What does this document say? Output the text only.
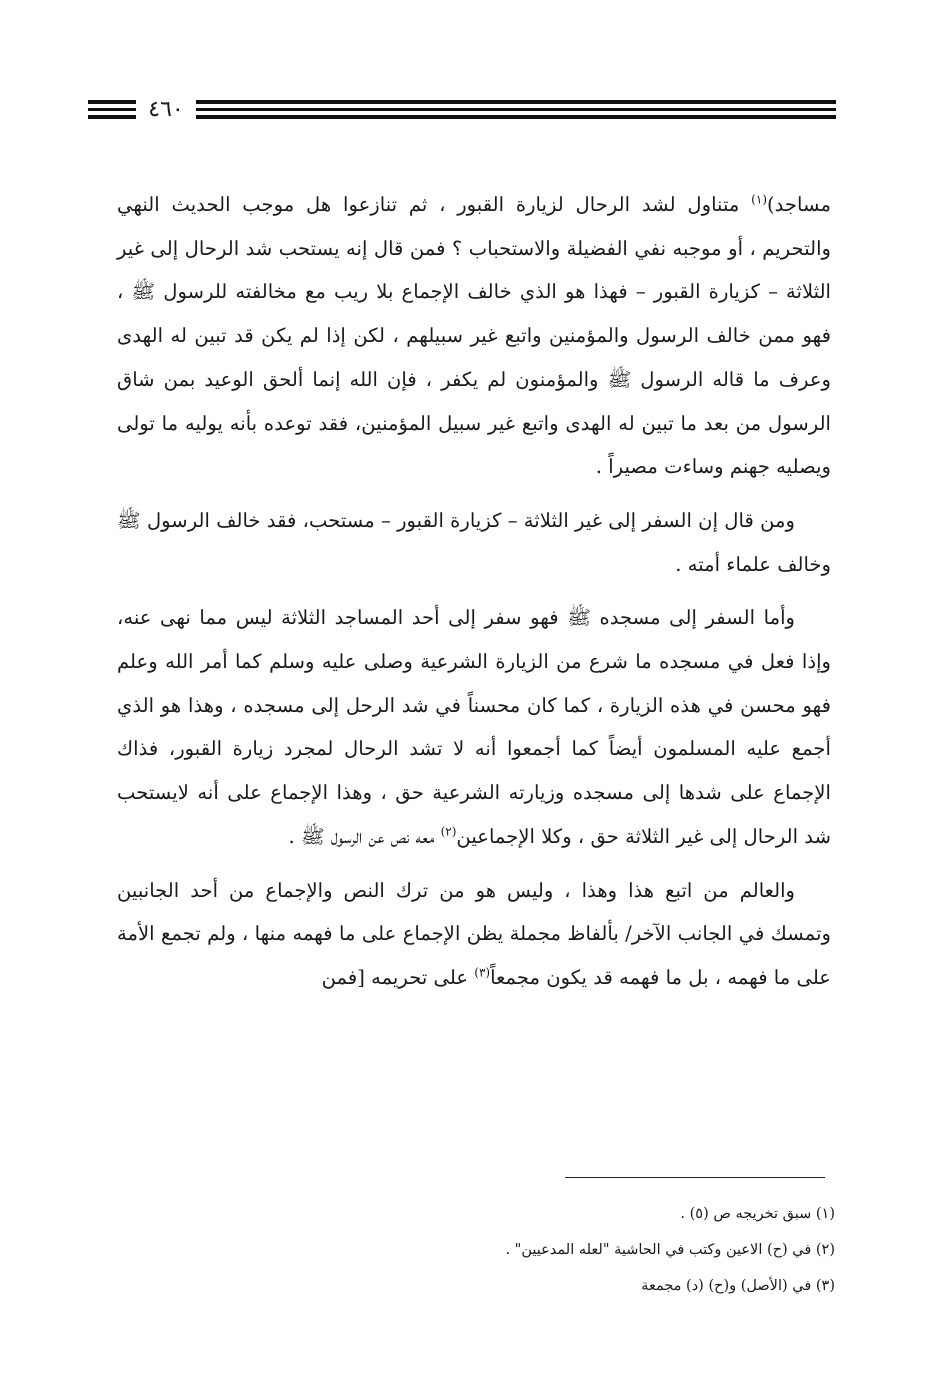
٤٦٠

مساجد)$^{(١)}$ متناول لشد الرحال لزيارة القبور ، ثم تنازعوا هل موجب الحديث النهي والتحريم ، أو موجبه نفي الفضيلة والاستحباب ؟ فمن قال إنه يستحب شد الرحال إلى غير الثلاثة – كزيارة القبور – فهذا هو الذي خالف الإجماع بلا ريب مع مخالفته للرسول ﷺ ، فهو ممن خالف الرسول والمؤمنين واتبع غير سبيلهم ، لكن إذا لم يكن قد تبين له الهدى وعرف ما قاله الرسول ﷺ والمؤمنون لم يكفر ، فإن الله إنما ألحق الوعيد بمن شاق الرسول من بعد ما تبين له الهدى واتبع غير سبيل المؤمنين، فقد توعده بأنه يوليه ما تولى ويصليه جهنم وساءت مصيراً .

ومن قال إن السفر إلى غير الثلاثة – كزيارة القبور – مستحب، فقد خالف الرسول ﷺ وخالف علماء أمته .

وأما السفر إلى مسجده ﷺ فهو سفر إلى أحد المساجد الثلاثة ليس مما نهى عنه، وإذا فعل في مسجده ما شرع من الزيارة الشرعية وصلى عليه وسلم كما أمر الله وعلم فهو محسن في هذه الزيارة ، كما كان محسناً في شد الرحل إلى مسجده ، وهذا هو الذي أجمع عليه المسلمون أيضاً كما أجمعوا أنه لا تشد الرحال لمجرد زيارة القبور، فذاك الإجماع على شدها إلى مسجده وزيارته الشرعية حق ، وهذا الإجماع على أنه لايستحب شد الرحال إلى غير الثلاثة حق ، وكلا الإجماعين$^{(٢)}$ معه نص عن الرسول ﷺ .

والعالم من اتبع هذا وهذا ، وليس هو من ترك النص والإجماع من أحد الجانبين وتمسك في الجانب الآخر/ بألفاظ مجملة يظن الإجماع على ما فهمه منها ، ولم تجمع الأمة على ما فهمه ، بل ما فهمه قد يكون مجمعاً$^{(٣)}$ على تحريمه [فمن

(١) سبق تخريجه ص (٥) .
(٢) في (ح) الاعين وكتب في الحاشية "لعله المدعيين" .
(٣) في (الأصل) و(ح) (د) مجمعة
